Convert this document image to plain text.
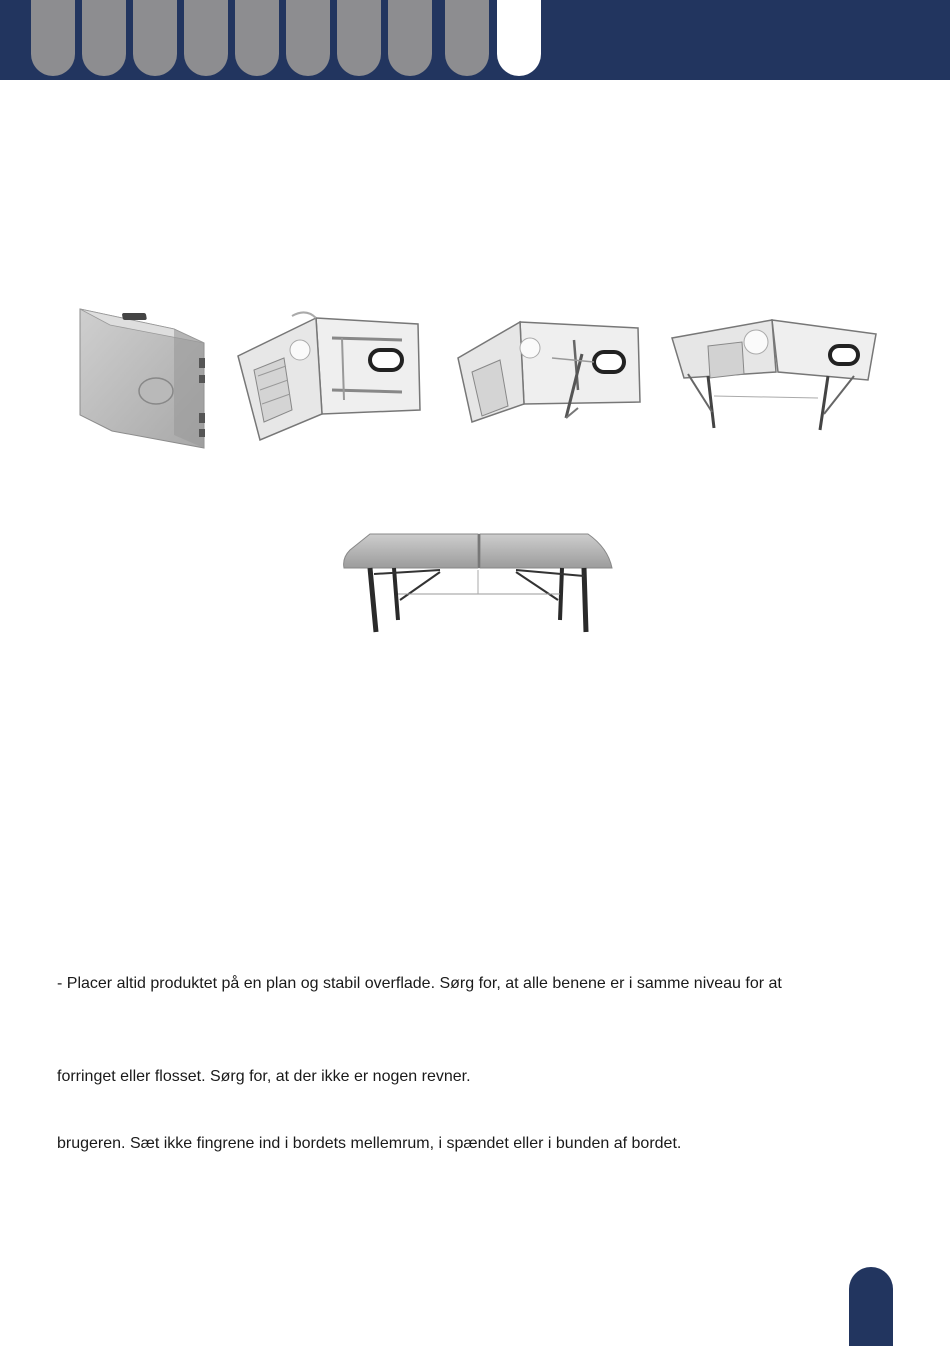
- Placer altid produktet på en plan og stabil overflade. Sørg for, at alle benene er i samme niveau for at
forringet eller flosset. Sørg for, at der ikke er nogen revner.
brugeren. Sæt ikke fingrene ind i bordets mellemrum, i spændet eller i bunden af bordet.
